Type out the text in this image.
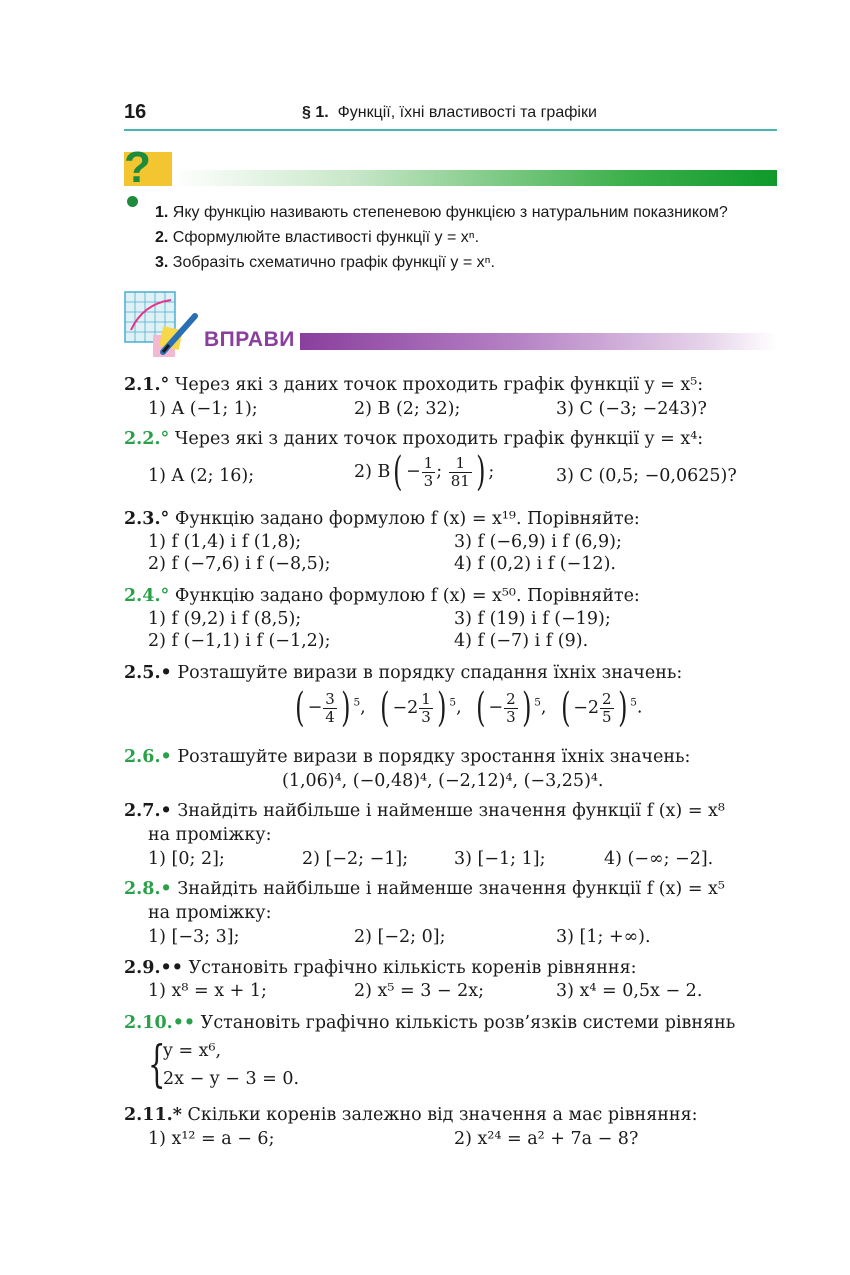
16	§ 1. Функції, їхні властивості та графіки
?
1. Яку функцію називають степеневою функцією з натуральним показником?
2. Сформулюйте властивості функції y = xⁿ.
3. Зобразіть схематично графік функції y = xⁿ.
ВПРАВИ
2.1.° Через які з даних точок проходить графік функції y = x⁵:
1) A (−1; 1);	2) B (2; 32);	3) C (−3; −243)?
2.2.° Через які з даних точок проходить графік функції y = x⁴:
1) A (2; 16);	2) $B( - \frac{1}{3}$ ; $\frac{1}{81}$ ) ;	3) C (0,5; −0,0625)?
2.3.° Функцію задано формулою f (x) = x¹⁹. Порівняйте:
1) f (1,4) і f (1,8);	3) f (−6,9) і f (6,9);
2) f (−7,6) і f (−8,5);	4) f (0,2) і f (−12).
2.4.° Функцію задано формулою f (x) = x⁵⁰. Порівняйте:
1) f (9,2) і f (8,5);	3) f (19) і f (−19);
2) f (−1,1) і f (−1,2);	4) f (−7) і f (9).
2.5.• Розташуйте вирази в порядку спадання їхніх значень:
( − $\frac{3}{4}$ ) $^5$,  ( $-2 \frac{1}{3}$ ) $^5$,  ( − $\frac{2}{3}$ ) $^5$,  ( $-2 \frac{2}{5}$ ) $^5$.
2.6.• Розташуйте вирази в порядку зростання їхніх значень:
(1,06)⁴, (−0,48)⁴, (−2,12)⁴, (−3,25)⁴.
2.7.• Знайдіть найбільше і найменше значення функції f (x) = x⁸
на проміжку:
1) [0; 2];	2) [−2; −1];	3) [−1; 1];	4) (−∞; −2].
2.8.• Знайдіть найбільше і найменше значення функції f (x) = x⁵
на проміжку:
1) [−3; 3];	2) [−2; 0];	3) [1; +∞).
2.9.•• Установіть графічно кількість коренів рівняння:
1) x⁸ = x + 1;	2) x⁵ = 3 − 2x;	3) x⁴ = 0,5x − 2.
2.10.•• Установіть графічно кількість розв’язків системи рівнянь
{
y = x⁶,
2x − y − 3 = 0.
2.11.* Скільки коренів залежно від значення a має рівняння:
1) x¹² = a − 6;	2) x²⁴ = a² + 7a − 8?
